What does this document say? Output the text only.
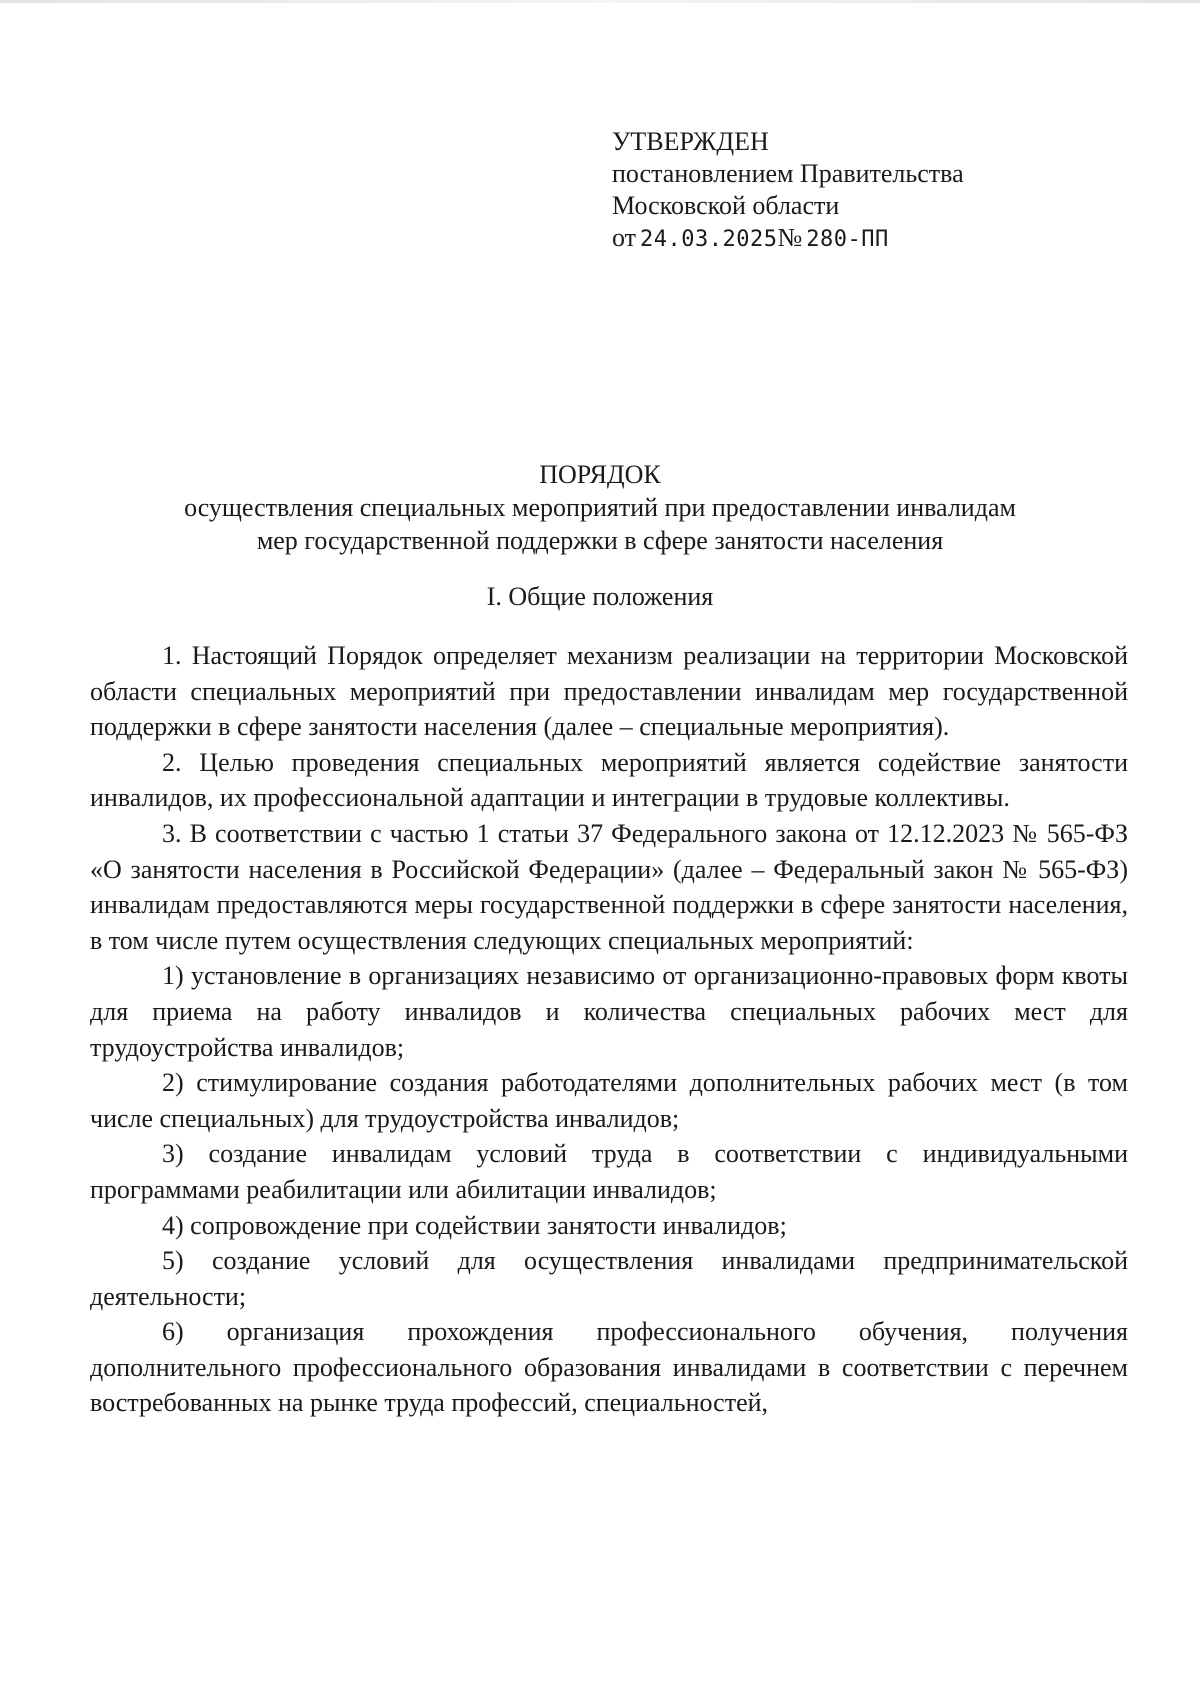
УТВЕРЖДЕН
постановлением Правительства
Московской области
от 24.03.2025№ 280-ПП
ПОРЯДОК
осуществления специальных мероприятий при предоставлении инвалидам
мер государственной поддержки в сфере занятости населения
I. Общие положения

1. Настоящий Порядок определяет механизм реализации на территории Московской области специальных мероприятий при предоставлении инвалидам мер государственной поддержки в сфере занятости населения (далее – специальные мероприятия).

2. Целью проведения специальных мероприятий является содействие занятости инвалидов, их профессиональной адаптации и интеграции в трудовые коллективы.

3. В соответствии с частью 1 статьи 37 Федерального закона от 12.12.2023 № 565-ФЗ «О занятости населения в Российской Федерации» (далее – Федеральный закон № 565-ФЗ) инвалидам предоставляются меры государственной поддержки в сфере занятости населения, в том числе путем осуществления следующих специальных мероприятий:

1) установление в организациях независимо от организационно-правовых форм квоты для приема на работу инвалидов и количества специальных рабочих мест для трудоустройства инвалидов;

2) стимулирование создания работодателями дополнительных рабочих мест (в том числе специальных) для трудоустройства инвалидов;

3) создание инвалидам условий труда в соответствии с индивидуальными программами реабилитации или абилитации инвалидов;

4) сопровождение при содействии занятости инвалидов;

5) создание условий для осуществления инвалидами предпринимательской деятельности;

6) организация прохождения профессионального обучения, получения дополнительного профессионального образования инвалидами в соответствии с перечнем востребованных на рынке труда профессий, специальностей,
